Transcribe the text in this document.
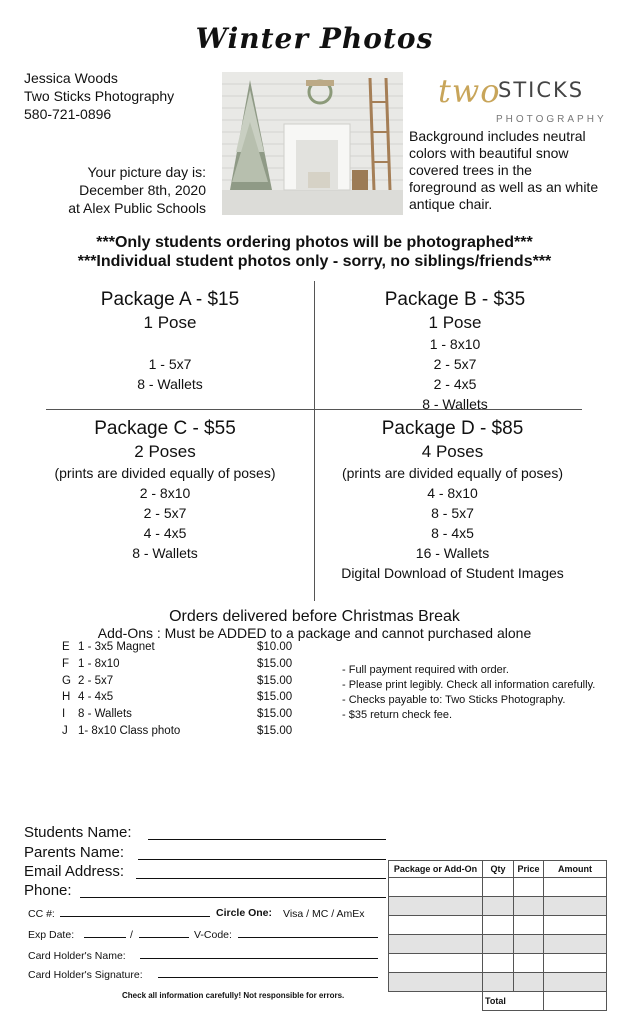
Winter Photos
Jessica Woods
Two Sticks Photography
580-721-0896
two
STICKS
PHOTOGRAPHY
Background includes neutral colors with beautiful snow covered trees in the foreground as well as an white antique chair.
Your picture day is:
December 8th, 2020
at Alex Public Schools
***Only students ordering photos will be photographed***
***Individual student photos only - sorry, no siblings/friends***
Package A - $15
1 Pose

1 - 5x7
8 - Wallets
Package B - $35
1 Pose
1 - 8x10
2 - 5x7
2 - 4x5
8 - Wallets
Package C - $55
2 Poses
(prints are divided equally of poses)
2 - 8x10
2 - 5x7
4 - 4x5
8 - Wallets
Package D - $85
4 Poses
(prints are divided equally of poses)
4 - 8x10
8 - 5x7
8 - 4x5
16 - Wallets
Digital Download of Student Images
Orders delivered before Christmas Break
Add-Ons : Must be ADDED to a package and cannot purchased alone
E 1 - 3x5 Magnet	$10.00
F 1 - 8x10	$15.00
G 2 - 5x7	$15.00
H 4 - 4x5	$15.00
I 8 - Wallets	$15.00
J 1- 8x10 Class photo	$15.00
- Full payment required with order.
- Please print legibly. Check all information carefully.
- Checks payable to: Two Sticks Photography.
- $35 return check fee.
Students Name:
Parents Name:
Email Address:
Phone:
CC #:	Circle One: Visa / MC / AmEx
Exp Date:	/	V-Code:
Card Holder's Name:
Card Holder's Signature:
Package or Add-On	Qty	Price	Amount

	Total		
Check all information carefully! Not responsible for errors.
